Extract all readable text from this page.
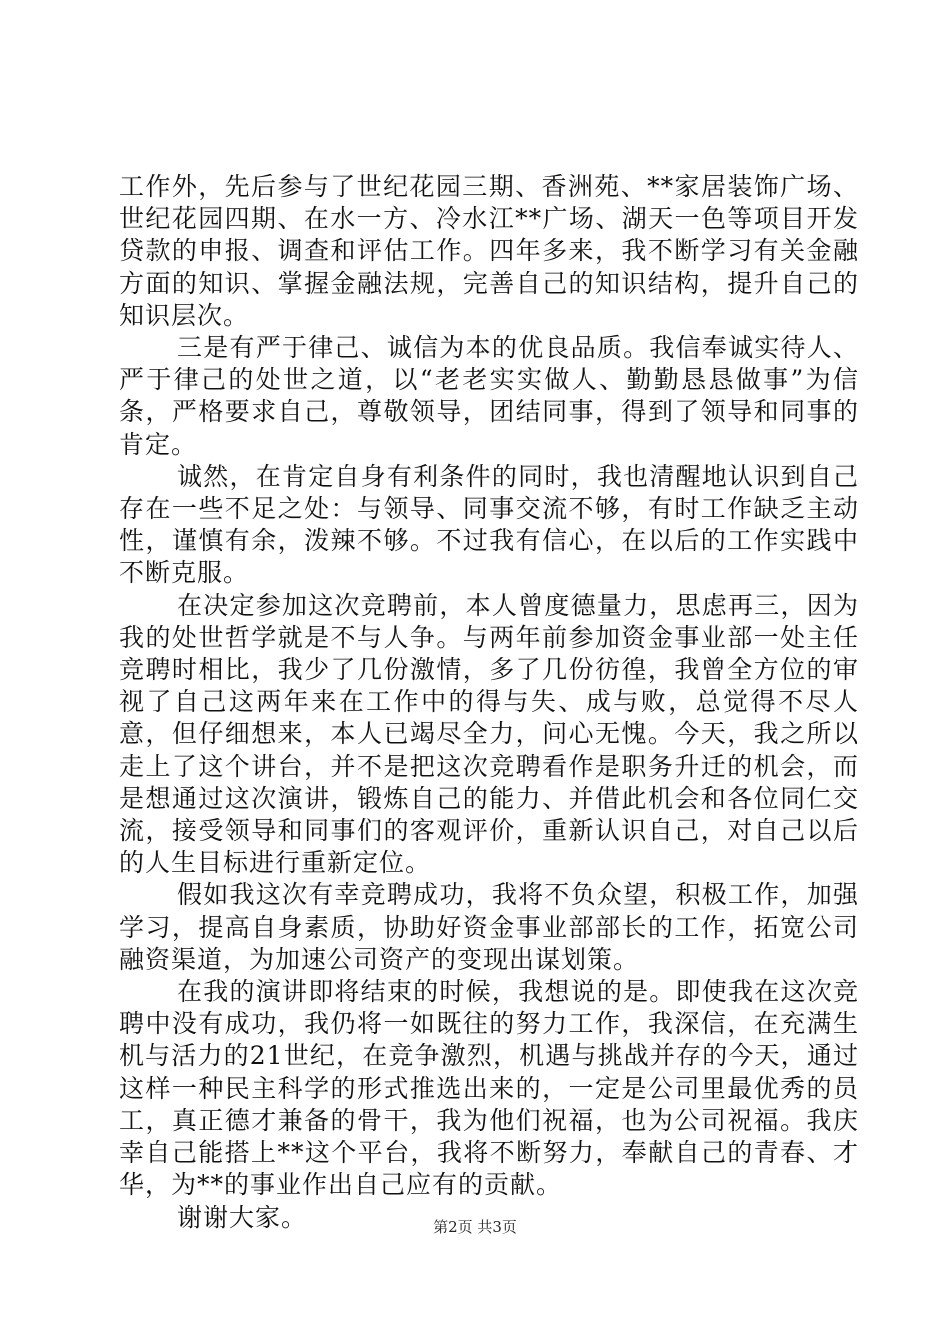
工作外，先后参与了世纪花园三期、香洲苑、**家居装饰广场、世纪花园四期、在水一方、冷水江**广场、湖天一色等项目开发贷款的申报、调查和评估工作。四年多来，我不断学习有关金融方面的知识、掌握金融法规，完善自己的知识结构，提升自己的知识层次。

三是有严于律己、诚信为本的优良品质。我信奉诚实待人、严于律己的处世之道，以“老老实实做人、勤勤恳恳做事”为信条，严格要求自己，尊敬领导，团结同事，得到了领导和同事的肯定。

诚然，在肯定自身有利条件的同时，我也清醒地认识到自己存在一些不足之处：与领导、同事交流不够，有时工作缺乏主动性，谨慎有余，泼辣不够。不过我有信心，在以后的工作实践中不断克服。

在决定参加这次竞聘前，本人曾度德量力，思虑再三，因为我的处世哲学就是不与人争。与两年前参加资金事业部一处主任竞聘时相比，我少了几份激情，多了几份彷徨，我曾全方位的审视了自己这两年来在工作中的得与失、成与败，总觉得不尽人意，但仔细想来，本人已竭尽全力，问心无愧。今天，我之所以走上了这个讲台，并不是把这次竞聘看作是职务升迁的机会，而是想通过这次演讲，锻炼自己的能力、并借此机会和各位同仁交流，接受领导和同事们的客观评价，重新认识自己，对自己以后的人生目标进行重新定位。

假如我这次有幸竞聘成功，我将不负众望，积极工作，加强学习，提高自身素质，协助好资金事业部部长的工作，拓宽公司融资渠道，为加速公司资产的变现出谋划策。

在我的演讲即将结束的时候，我想说的是。即使我在这次竞聘中没有成功，我仍将一如既往的努力工作，我深信，在充满生机与活力的21世纪，在竞争激烈，机遇与挑战并存的今天，通过这样一种民主科学的形式推选出来的，一定是公司里最优秀的员工，真正德才兼备的骨干，我为他们祝福，也为公司祝福。我庆幸自己能搭上**这个平台，我将不断努力，奉献自己的青春、才华，为**的事业作出自己应有的贡献。

谢谢大家。	第2页 共3页
